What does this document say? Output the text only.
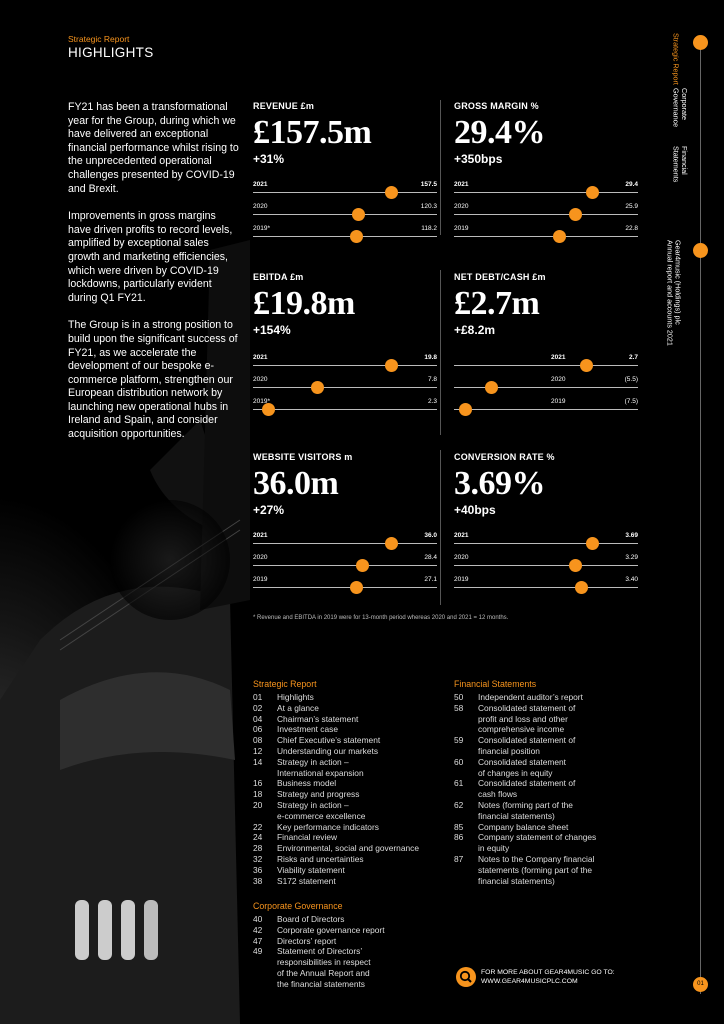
Strategic Report
HIGHLIGHTS

FY21 has been a transformational year for the Group, during which we have delivered an exceptional financial performance whilst rising to the unprecedented operational challenges presented by COVID-19 and Brexit.

Improvements in gross margins have driven profits to record levels, amplified by exceptional sales growth and marketing efficiencies, which were driven by COVID-19 lockdowns, particularly evident during Q1 FY21.

The Group is in a strong position to build upon the significant success of FY21, as we accelerate the development of our bespoke e-commerce platform, strengthen our European distribution network by launching new operational hubs in Ireland and Spain, and consider acquisition opportunities.

REVENUE £m
£157.5m
+31%
2021	157.5
2020	120.3
2019*	118.2
GROSS MARGIN %
29.4%
+350bps
2021	29.4
2020	25.9
2019	22.8
EBITDA £m
£19.8m
+154%
2021	19.8
2020	7.8
2019*	2.3
NET DEBT/CASH £m
£2.7m
+£8.2m
2021	2.7
2020	(5.5)
2019	(7.5)
WEBSITE VISITORS m
36.0m
+27%
2021	36.0
2020	28.4
2019	27.1
CONVERSION RATE %
3.69%
+40bps
2021	3.69
2020	3.29
2019	3.40
* Revenue and EBITDA in 2019 were for 13-month period whereas 2020 and 2021 = 12 months.
Strategic Report
01	Highlights
02	At a glance
04	Chairman’s statement
06	Investment case
08	Chief Executive’s statement
12	Understanding our markets
14	Strategy in action –
International expansion
16	Business model
18	Strategy and progress
20	Strategy in action –
e-commerce excellence
22	Key performance indicators
24	Financial review
28	Environmental, social and governance
32	Risks and uncertainties
36	Viability statement
38	S172 statement
Corporate Governance
40	Board of Directors
42	Corporate governance report
47	Directors’ report
49	Statement of Directors’
responsibilities in respect
of the Annual Report and
the financial statements
Financial Statements
50	Independent auditor’s report
58	Consolidated statement of
profit and loss and other
comprehensive income
59	Consolidated statement of
financial position
60	Consolidated statement
of changes in equity
61	Consolidated statement of
cash flows
62	Notes (forming part of the
financial statements)
85	Company balance sheet
86	Company statement of changes
in equity
87	Notes to the Company financial
statements (forming part of the
financial statements)
FOR MORE ABOUT GEAR4MUSIC GO TO:
WWW.GEAR4MUSICPLC.COM
Strategic Report
Corporate Governance
Financial Statements
Gear4music (Holdings) plc
Annual report and accounts 2021
01
